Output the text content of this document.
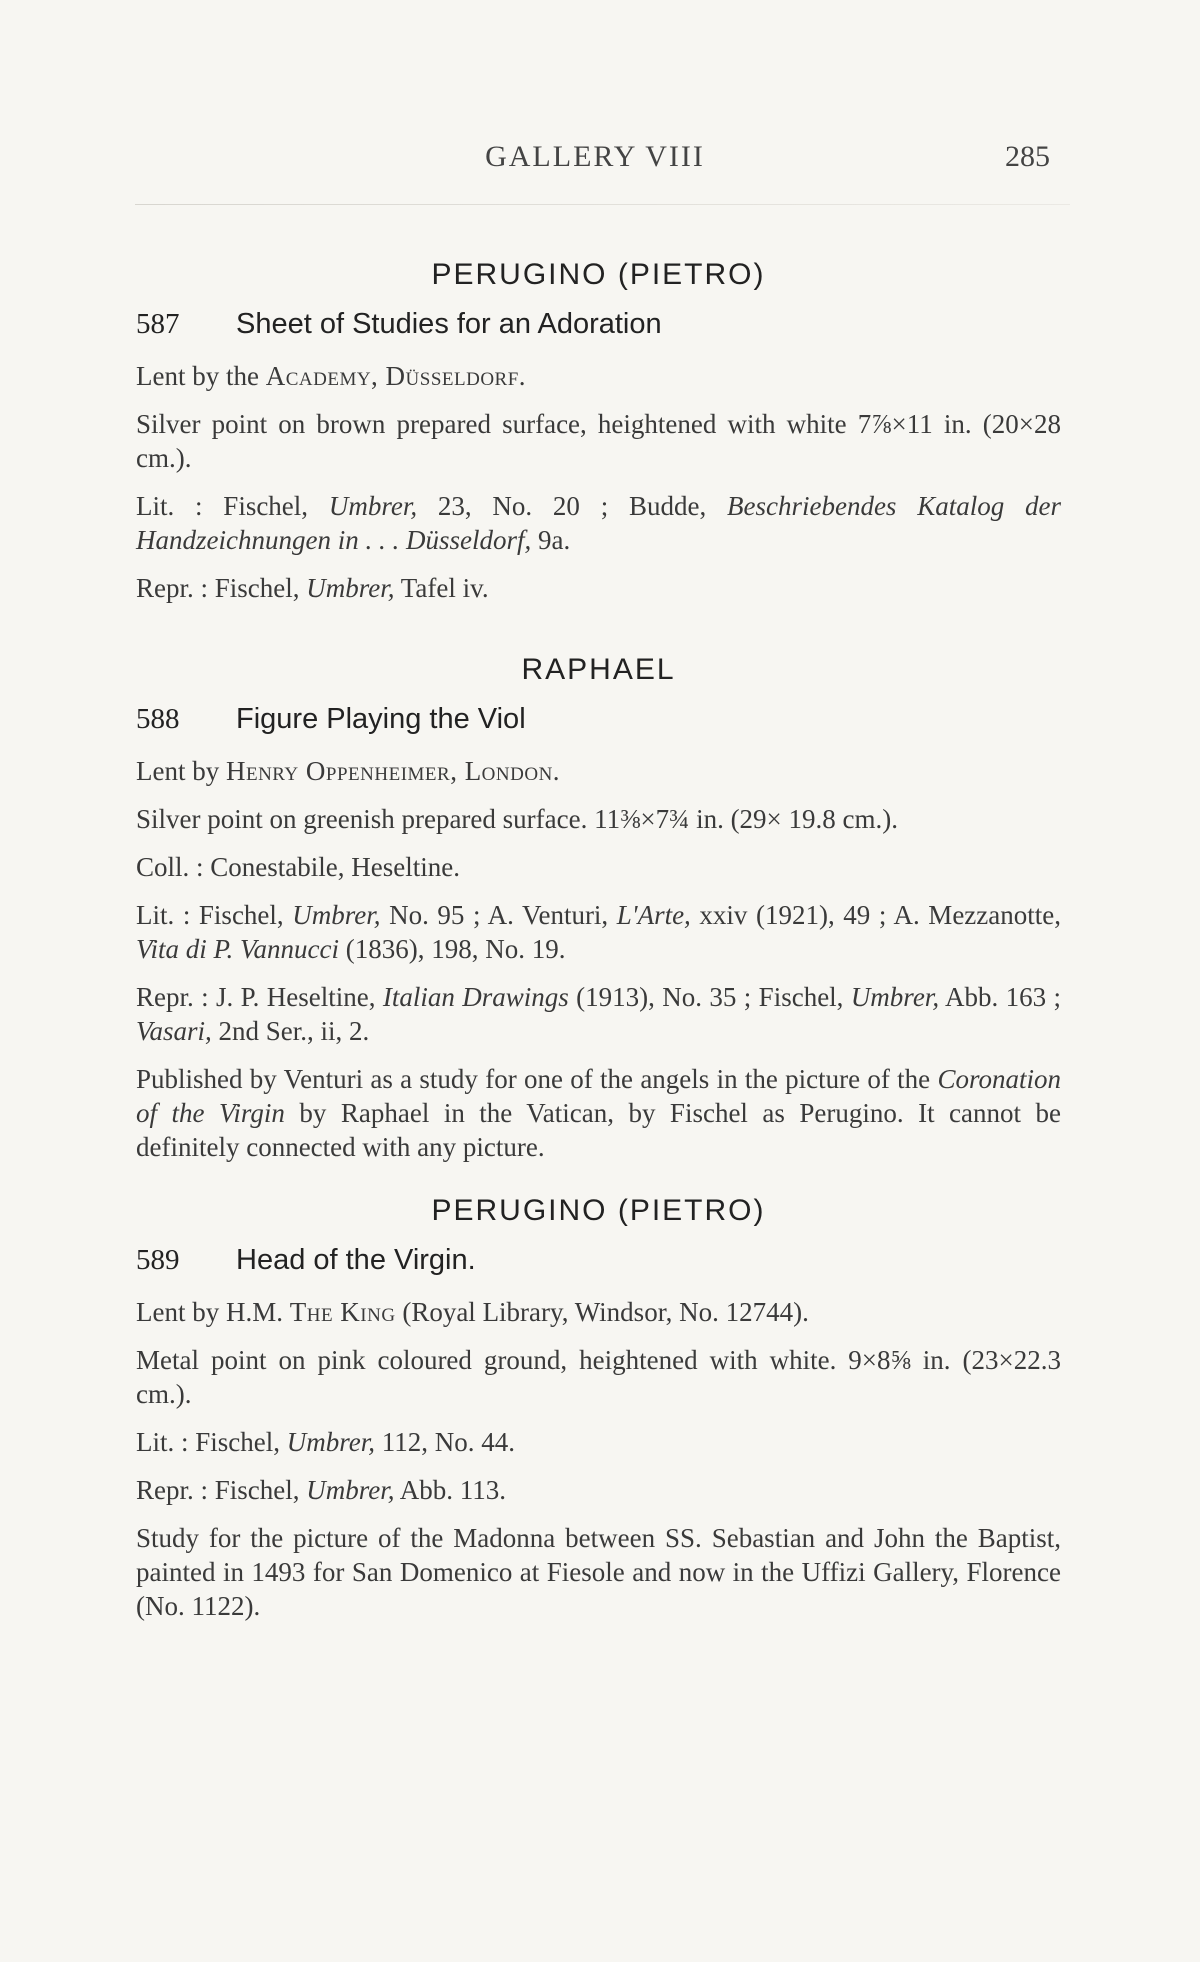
GALLERY VIII	285
PERUGINO (PIETRO)
587 Sheet of Studies for an Adoration

Lent by the Academy, Düsseldorf.

Silver point on brown prepared surface, heightened with white 7⅞×11 in. (20×28 cm.).

Lit. : Fischel, Umbrer, 23, No. 20 ; Budde, Beschriebendes Katalog der Handzeichnungen in . . . Düsseldorf, 9a.

Repr. : Fischel, Umbrer, Tafel iv.

RAPHAEL
588 Figure Playing the Viol

Lent by Henry Oppenheimer, London.

Silver point on greenish prepared surface. 11⅜×7¾ in. (29× 19.8 cm.).

Coll. : Conestabile, Heseltine.

Lit. : Fischel, Umbrer, No. 95 ; A. Venturi, L'Arte, xxiv (1921), 49 ; A. Mezzanotte, Vita di P. Vannucci (1836), 198, No. 19.

Repr. : J. P. Heseltine, Italian Drawings (1913), No. 35 ; Fischel, Umbrer, Abb. 163 ; Vasari, 2nd Ser., ii, 2.

Published by Venturi as a study for one of the angels in the picture of the Coronation of the Virgin by Raphael in the Vatican, by Fischel as Perugino. It cannot be definitely connected with any picture.

PERUGINO (PIETRO)
589 Head of the Virgin.

Lent by H.M. The King (Royal Library, Windsor, No. 12744).

Metal point on pink coloured ground, heightened with white. 9×8⅝ in. (23×22.3 cm.).

Lit. : Fischel, Umbrer, 112, No. 44.

Repr. : Fischel, Umbrer, Abb. 113.

Study for the picture of the Madonna between SS. Sebastian and John the Baptist, painted in 1493 for San Domenico at Fiesole and now in the Uffizi Gallery, Florence (No. 1122).
